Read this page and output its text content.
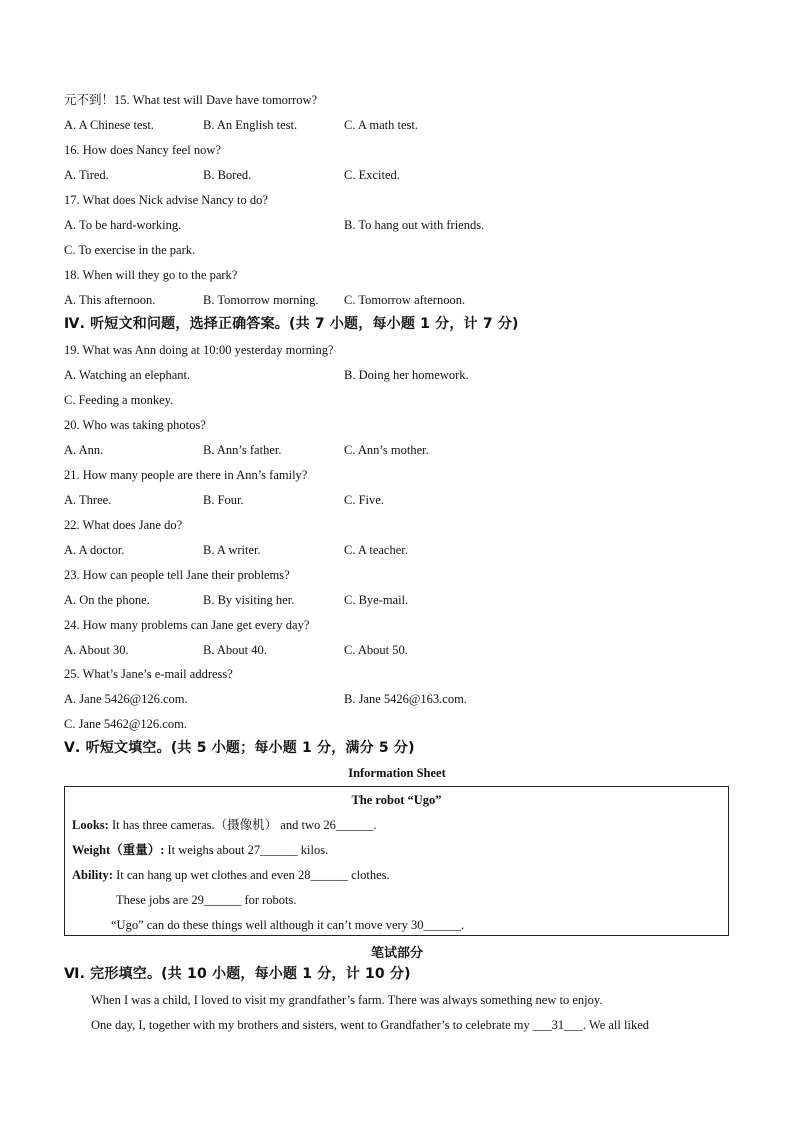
元不到！15. What test will Dave have tomorrow?
A. A Chinese test.	B. An English test.	C. A math test.
16. How does Nancy feel now?
A. Tired.	B. Bored.	C. Excited.
17. What does Nick advise Nancy to do?
A. To be hard-working.	B. To hang out with friends.
C. To exercise in the park.
18. When will they go to the park?
A. This afternoon.	B. Tomorrow morning. C. Tomorrow afternoon.
Ⅳ. 听短文和问题，选择正确答案。(共 7 小题，每小题 1 分，计 7 分)
19. What was Ann doing at 10:00 yesterday morning?
A. Watching an elephant.	B. Doing her homework.
C. Feeding a monkey.
20. Who was taking photos?
A. Ann.	B. Ann’s father.	C. Ann’s mother.
21. How many people are there in Ann’s family?
A. Three.	B. Four.	C. Five.
22. What does Jane do?
A. A doctor.	B. A writer.	C. A teacher.
23. How can people tell Jane their problems?
A. On the phone.	B. By visiting her.	C. Bye-mail.
24. How many problems can Jane get every day?
A. About 30.	B. About 40.	C. About 50.
25. What’s Jane’s e-mail address?
A. Jane 5426@126.com.	B. Jane 5426@163.com.
C. Jane 5462@126.com.
Ⅴ. 听短文填空。(共 5 小题；每小题 1 分，满分 5 分)
Information Sheet
The robot “Ugo”
Looks: It has three cameras.（摄像机） and two 26______.
Weight（重量）: It weighs about 27______ kilos.
Ability: It can hang up wet clothes and even 28______ clothes.
These jobs are 29______ for robots.
“Ugo” can do these things well although it can’t move very 30______.
笔试部分
Ⅵ. 完形填空。(共 10 小题，每小题 1 分，计 10 分)
When I was a child, I loved to visit my grandfather’s farm. There was always something new to enjoy.
One day, I, together with my brothers and sisters, went to Grandfather’s to celebrate my ___31___. We all liked
